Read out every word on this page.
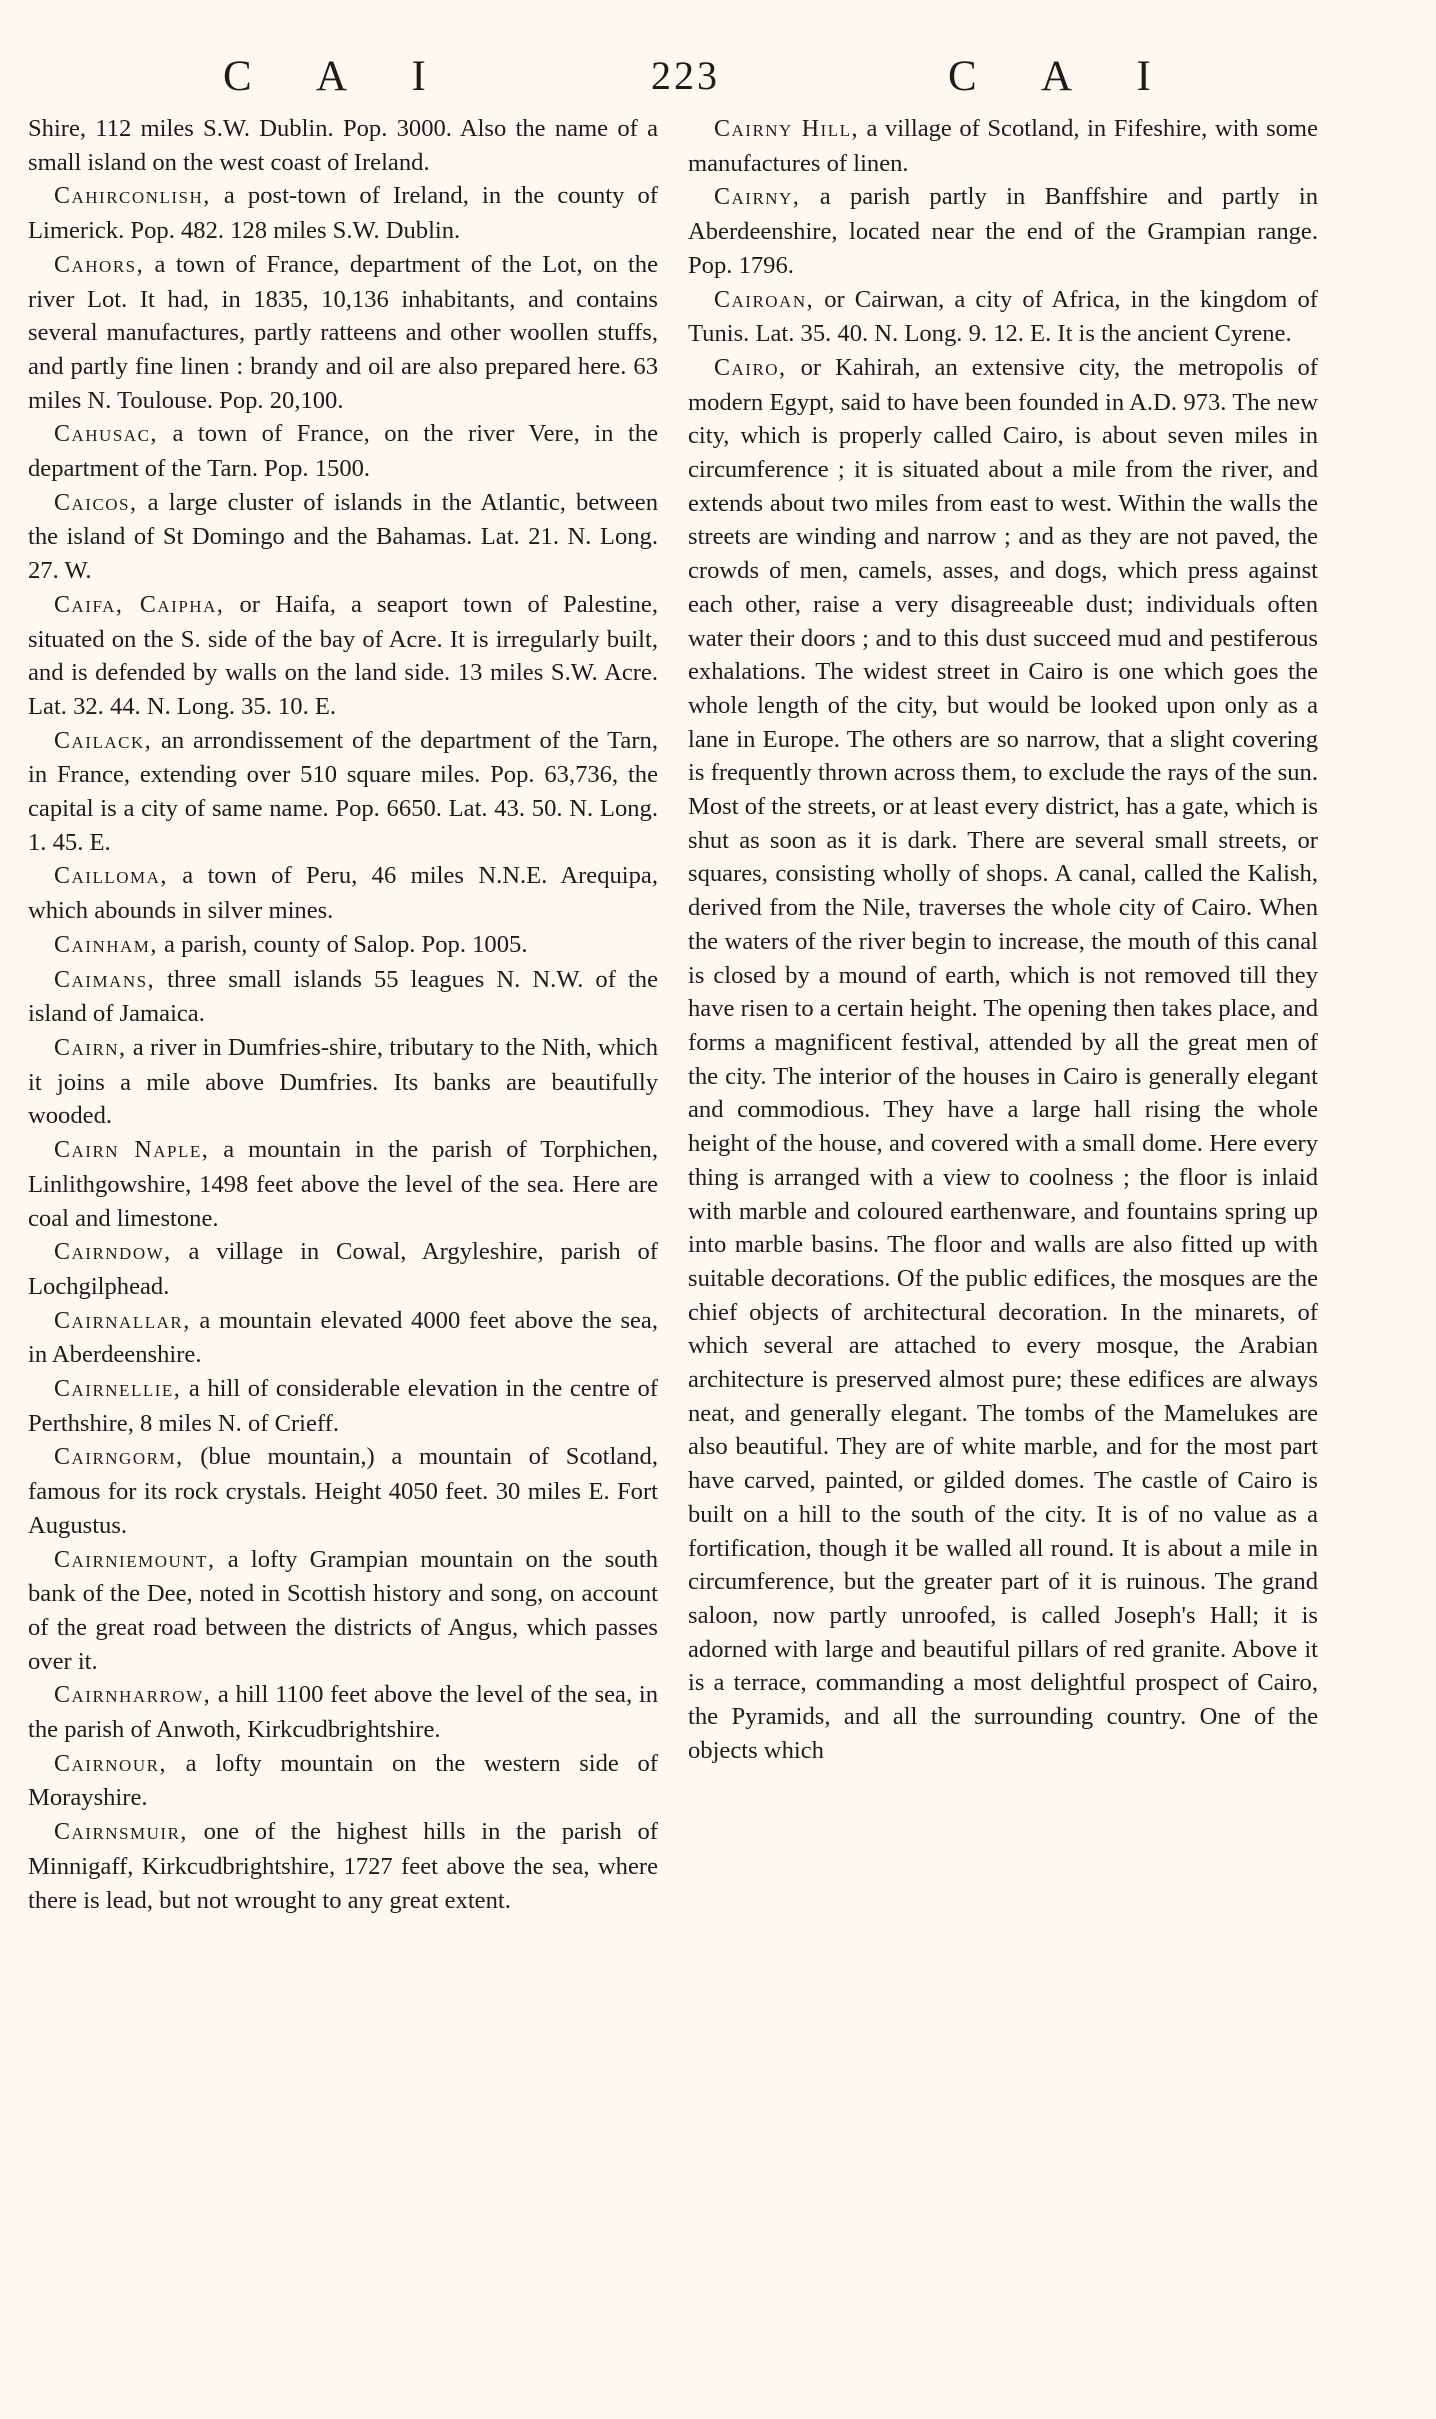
C A I	223	C A I

Shire, 112 miles S.W. Dublin. Pop. 3000. Also the name of a small island on the west coast of Ireland.

Cahirconlish, a post-town of Ireland, in the county of Limerick. Pop. 482. 128 miles S.W. Dublin.

Cahors, a town of France, department of the Lot, on the river Lot. It had, in 1835, 10,136 inhabitants, and contains several manufactures, partly ratteens and other woollen stuffs, and partly fine linen : brandy and oil are also prepared here. 63 miles N. Toulouse. Pop. 20,100.

Cahusac, a town of France, on the river Vere, in the department of the Tarn. Pop. 1500.

Caicos, a large cluster of islands in the Atlantic, between the island of St Domingo and the Bahamas. Lat. 21. N. Long. 27. W.

Caifa, Caipha, or Haifa, a seaport town of Palestine, situated on the S. side of the bay of Acre. It is irregularly built, and is defended by walls on the land side. 13 miles S.W. Acre. Lat. 32. 44. N. Long. 35. 10. E.

Cailack, an arrondissement of the department of the Tarn, in France, extending over 510 square miles. Pop. 63,736, the capital is a city of same name. Pop. 6650. Lat. 43. 50. N. Long. 1. 45. E.

Cailloma, a town of Peru, 46 miles N.N.E. Arequipa, which abounds in silver mines.

Cainham, a parish, county of Salop. Pop. 1005.

Caimans, three small islands 55 leagues N. N.W. of the island of Jamaica.

Cairn, a river in Dumfries-shire, tributary to the Nith, which it joins a mile above Dumfries. Its banks are beautifully wooded.

Cairn Naple, a mountain in the parish of Torphichen, Linlithgowshire, 1498 feet above the level of the sea. Here are coal and limestone.

Cairndow, a village in Cowal, Argyleshire, parish of Lochgilphead.

Cairnallar, a mountain elevated 4000 feet above the sea, in Aberdeenshire.

Cairnellie, a hill of considerable elevation in the centre of Perthshire, 8 miles N. of Crieff.

Cairngorm, (blue mountain,) a mountain of Scotland, famous for its rock crystals. Height 4050 feet. 30 miles E. Fort Augustus.

Cairniemount, a lofty Grampian mountain on the south bank of the Dee, noted in Scottish history and song, on account of the great road between the districts of Angus, which passes over it.

Cairnharrow, a hill 1100 feet above the level of the sea, in the parish of Anwoth, Kirkcudbrightshire.

Cairnour, a lofty mountain on the western side of Morayshire.

Cairnsmuir, one of the highest hills in the parish of Minnigaff, Kirkcudbrightshire, 1727 feet above the sea, where there is lead, but not wrought to any great extent.

Cairny Hill, a village of Scotland, in Fifeshire, with some manufactures of linen.

Cairny, a parish partly in Banffshire and partly in Aberdeenshire, located near the end of the Grampian range. Pop. 1796.

Cairoan, or Cairwan, a city of Africa, in the kingdom of Tunis. Lat. 35. 40. N. Long. 9. 12. E. It is the ancient Cyrene.

Cairo, or Kahirah, an extensive city, the metropolis of modern Egypt, said to have been founded in A.D. 973. The new city, which is properly called Cairo, is about seven miles in circumference ; it is situated about a mile from the river, and extends about two miles from east to west. Within the walls the streets are winding and narrow ; and as they are not paved, the crowds of men, camels, asses, and dogs, which press against each other, raise a very disagreeable dust; individuals often water their doors ; and to this dust succeed mud and pestiferous exhalations. The widest street in Cairo is one which goes the whole length of the city, but would be looked upon only as a lane in Europe. The others are so narrow, that a slight covering is frequently thrown across them, to exclude the rays of the sun. Most of the streets, or at least every district, has a gate, which is shut as soon as it is dark. There are several small streets, or squares, consisting wholly of shops. A canal, called the Kalish, derived from the Nile, traverses the whole city of Cairo. When the waters of the river begin to increase, the mouth of this canal is closed by a mound of earth, which is not removed till they have risen to a certain height. The opening then takes place, and forms a magnificent festival, attended by all the great men of the city. The interior of the houses in Cairo is generally elegant and commodious. They have a large hall rising the whole height of the house, and covered with a small dome. Here every thing is arranged with a view to coolness ; the floor is inlaid with marble and coloured earthenware, and fountains spring up into marble basins. The floor and walls are also fitted up with suitable decorations. Of the public edifices, the mosques are the chief objects of architectural decoration. In the minarets, of which several are attached to every mosque, the Arabian architecture is preserved almost pure; these edifices are always neat, and generally elegant. The tombs of the Mamelukes are also beautiful. They are of white marble, and for the most part have carved, painted, or gilded domes. The castle of Cairo is built on a hill to the south of the city. It is of no value as a fortification, though it be walled all round. It is about a mile in circumference, but the greater part of it is ruinous. The grand saloon, now partly unroofed, is called Joseph's Hall; it is adorned with large and beautiful pillars of red granite. Above it is a terrace, commanding a most delightful prospect of Cairo, the Pyramids, and all the surrounding country. One of the objects which
